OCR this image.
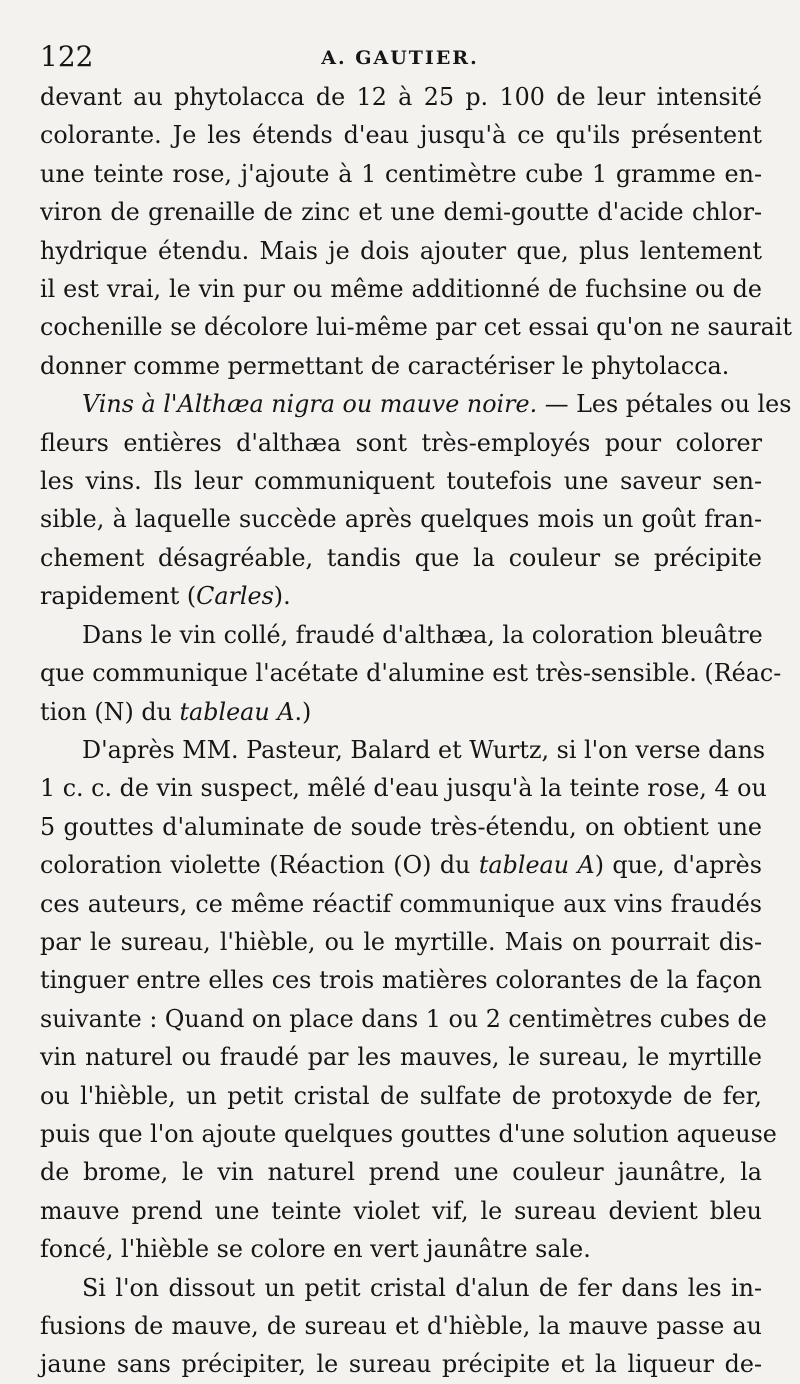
122	A. GAUTIER.
devant au phytolacca de 12 à 25 p. 100 de leur intensité
colorante. Je les étends d'eau jusqu'à ce qu'ils présentent
une teinte rose, j'ajoute à 1 centimètre cube 1 gramme en-
viron de grenaille de zinc et une demi-goutte d'acide chlor-
hydrique étendu. Mais je dois ajouter que, plus lentement
il est vrai, le vin pur ou même additionné de fuchsine ou de
cochenille se décolore lui-même par cet essai qu'on ne saurait
donner comme permettant de caractériser le phytolacca.
Vins à l'Althæa nigra ou mauve noire. — Les pétales ou les
fleurs entières d'althæa sont très-employés pour colorer
les vins. Ils leur communiquent toutefois une saveur sen-
sible, à laquelle succède après quelques mois un goût fran-
chement désagréable, tandis que la couleur se précipite
rapidement (Carles).
Dans le vin collé, fraudé d'althæa, la coloration bleuâtre
que communique l'acétate d'alumine est très-sensible. (Réac-
tion (N) du tableau A.)
D'après MM. Pasteur, Balard et Wurtz, si l'on verse dans
1 c. c. de vin suspect, mêlé d'eau jusqu'à la teinte rose, 4 ou
5 gouttes d'aluminate de soude très-étendu, on obtient une
coloration violette (Réaction (O) du tableau A) que, d'après
ces auteurs, ce même réactif communique aux vins fraudés
par le sureau, l'hièble, ou le myrtille. Mais on pourrait dis-
tinguer entre elles ces trois matières colorantes de la façon
suivante : Quand on place dans 1 ou 2 centimètres cubes de
vin naturel ou fraudé par les mauves, le sureau, le myrtille
ou l'hièble, un petit cristal de sulfate de protoxyde de fer,
puis que l'on ajoute quelques gouttes d'une solution aqueuse
de brome, le vin naturel prend une couleur jaunâtre, la
mauve prend une teinte violet vif, le sureau devient bleu
foncé, l'hièble se colore en vert jaunâtre sale.
Si l'on dissout un petit cristal d'alun de fer dans les in-
fusions de mauve, de sureau et d'hièble, la mauve passe au
jaune sans précipiter, le sureau précipite et la liqueur de-
